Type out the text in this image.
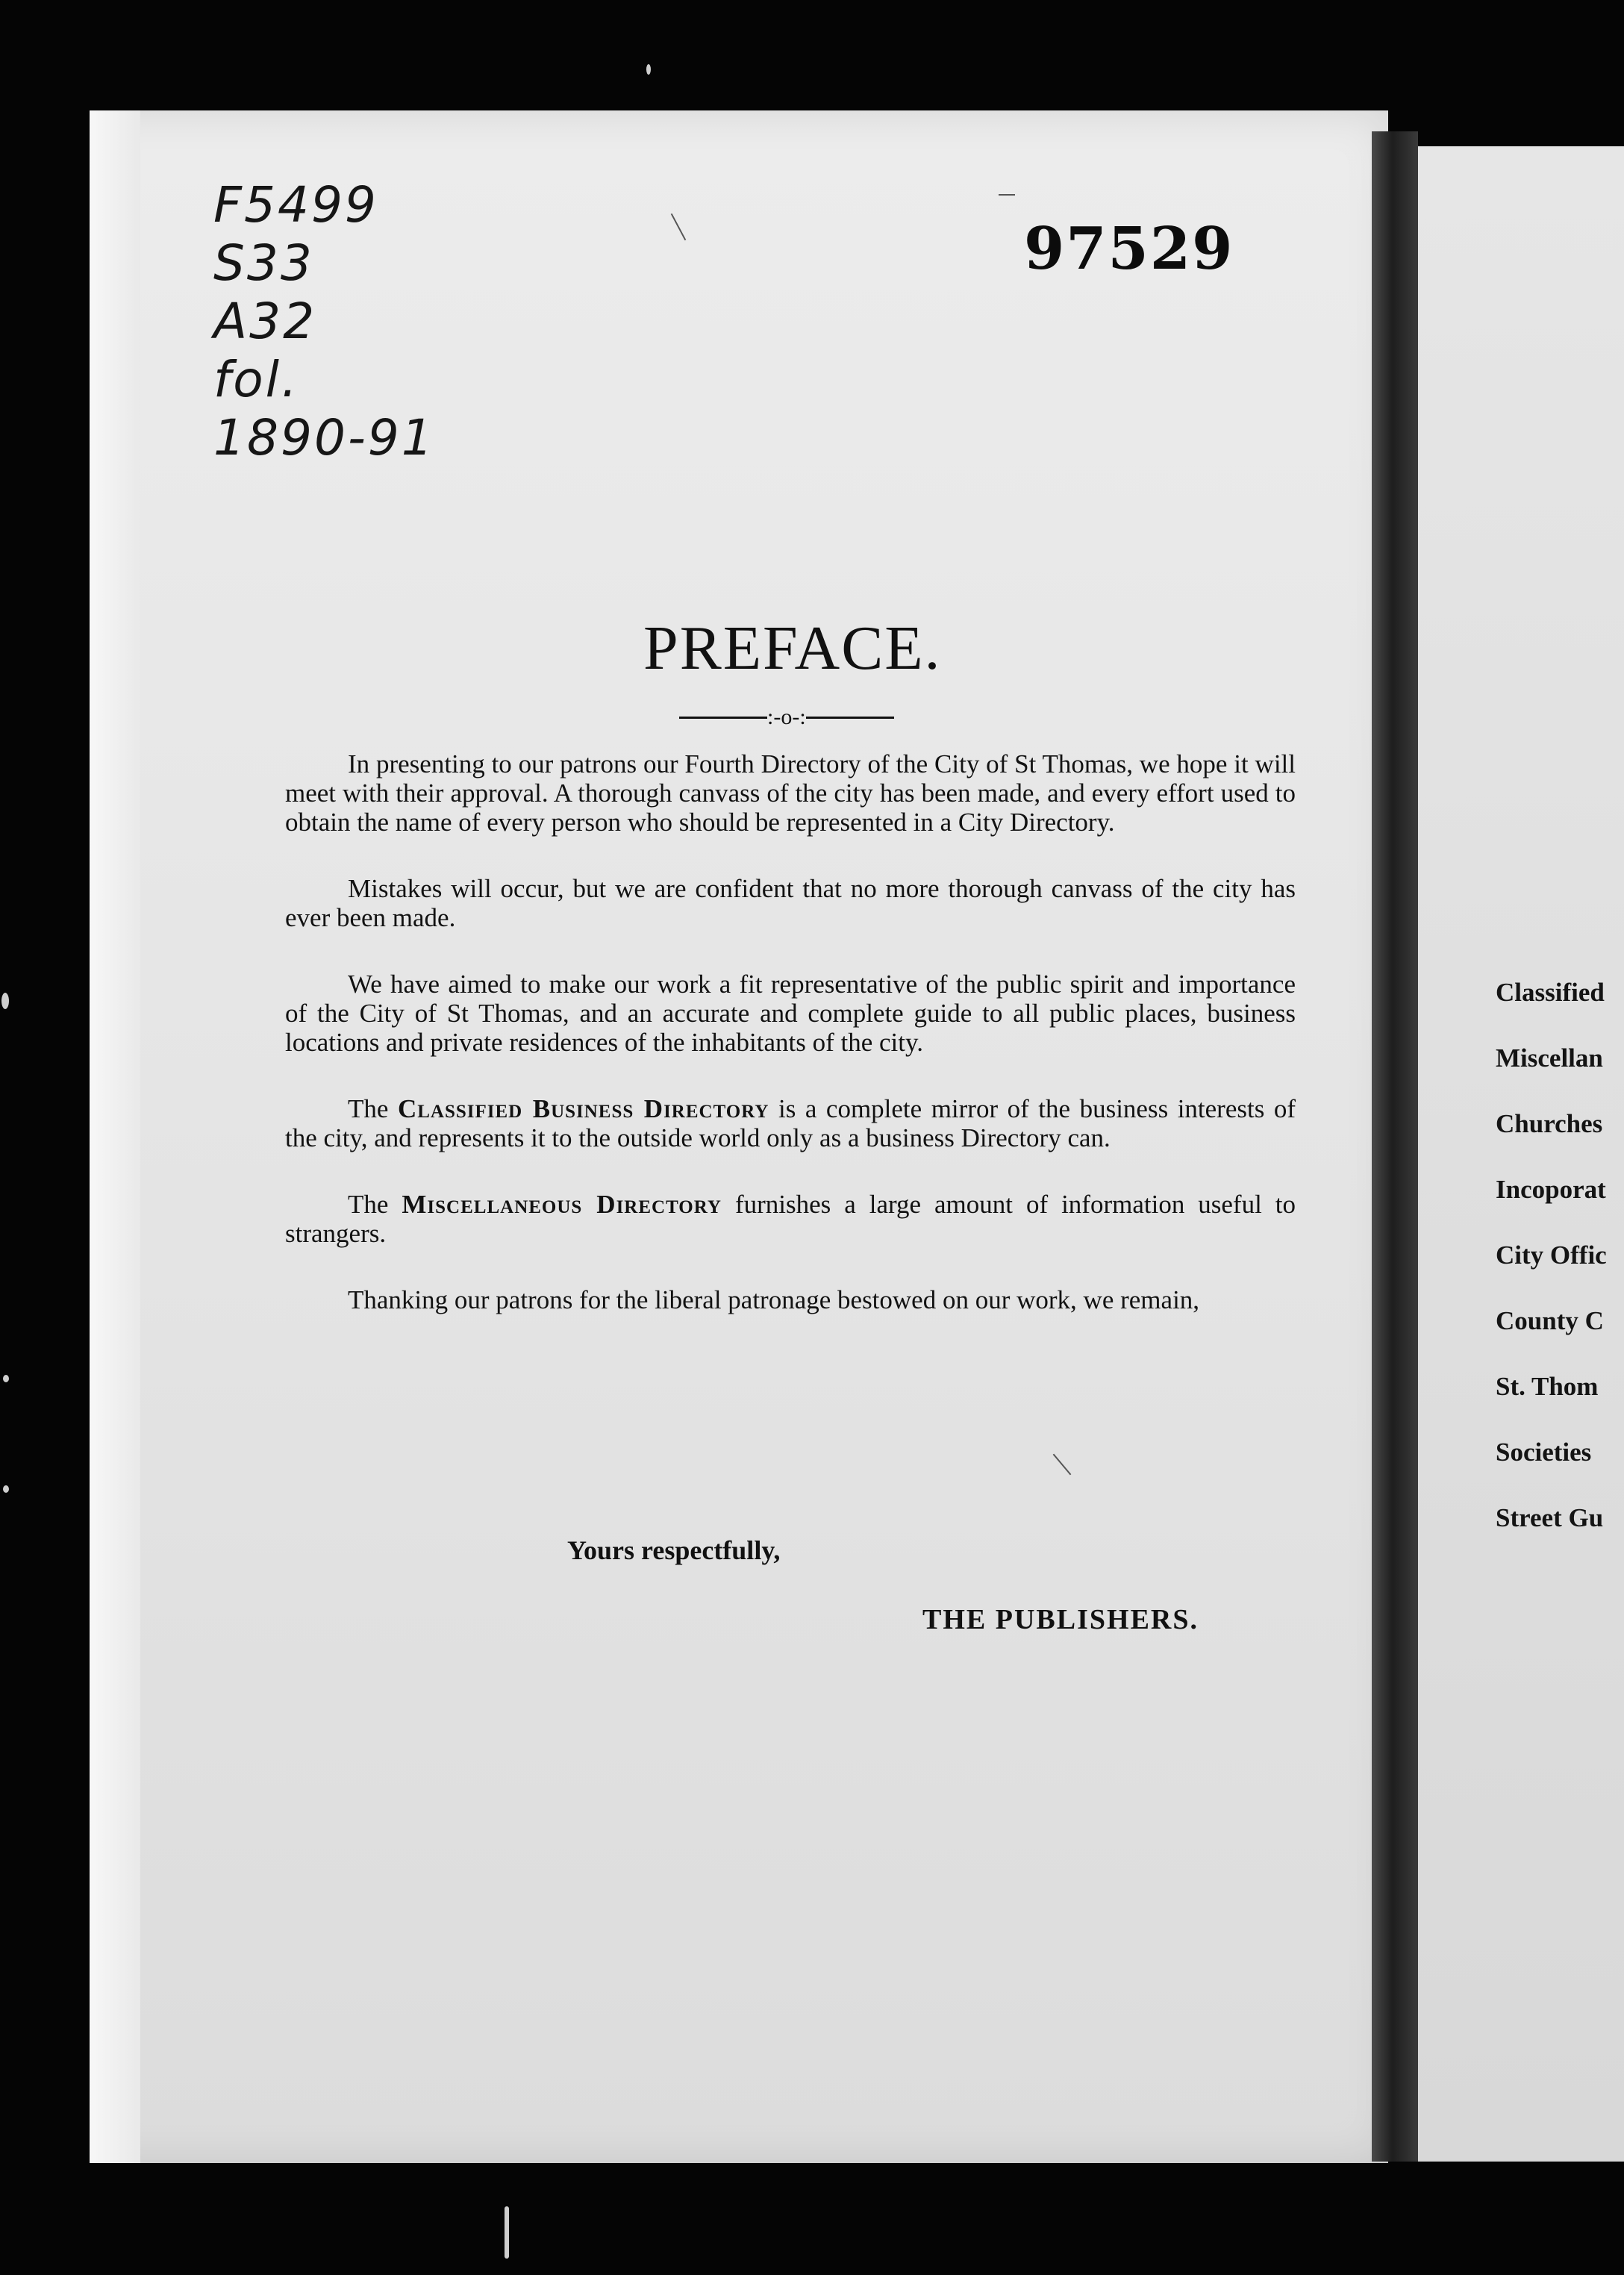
Classified
Miscellan
Churches
Incoporat
City Offic
County C
St. Thom
Societies
Street Gu
F5499
S33
A32
fol.
1890-91
97529
PREFACE.
:-o-:

In presenting to our patrons our Fourth Directory of the City of St Thomas, we hope it will meet with their approval. A thorough canvass of the city has been made, and every effort used to obtain the name of every person who should be represented in a City Directory.

Mistakes will occur, but we are confident that no more thorough canvass of the city has ever been made.

We have aimed to make our work a fit representative of the public spirit and importance of the City of St Thomas, and an accurate and complete guide to all public places, business locations and private residences of the inhabitants of the city.

The Classified Business Directory is a complete mirror of the business interests of the city, and represents it to the outside world only as a business Directory can.

The Miscellaneous Directory furnishes a large amount of information useful to strangers.

Thanking our patrons for the liberal patronage bestowed on our work, we remain,

Yours respectfully,
THE PUBLISHERS.
